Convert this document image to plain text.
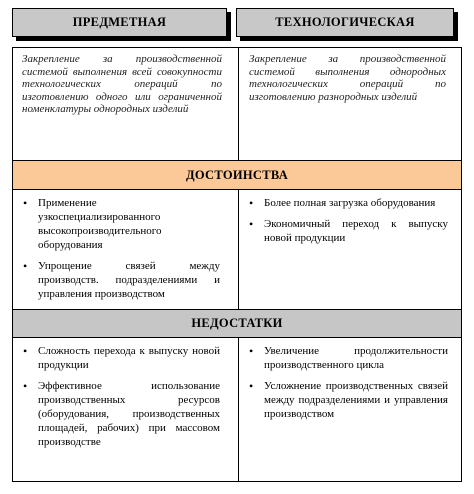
ПРЕДМЕТНАЯ	ТЕХНОЛОГИЧЕСКАЯ
Закрепление за производственной системой выполнения всей совокупности технологических операций по изготовлению одного или ограниченной номенклатуры однородных изделий
Закрепление за производственной системой выполнения однородных технологических операций по изготовлению разнородных изделий
ДОСТОИНСТВА
• Применение узкоспециализированного высокопроизводительного оборудования
• Упрощение связей между производств. подразделениями и управления производством
• Более полная загрузка оборудования
• Экономичный переход к выпуску новой продукции
НЕДОСТАТКИ
• Сложность перехода к выпуску новой продукции
• Эффективное использование производственных ресурсов (оборудования, производственных площадей, рабочих) при массовом производстве
• Увеличение продолжительности производственного цикла
• Усложнение производственных связей между подразделениями и управления производством
